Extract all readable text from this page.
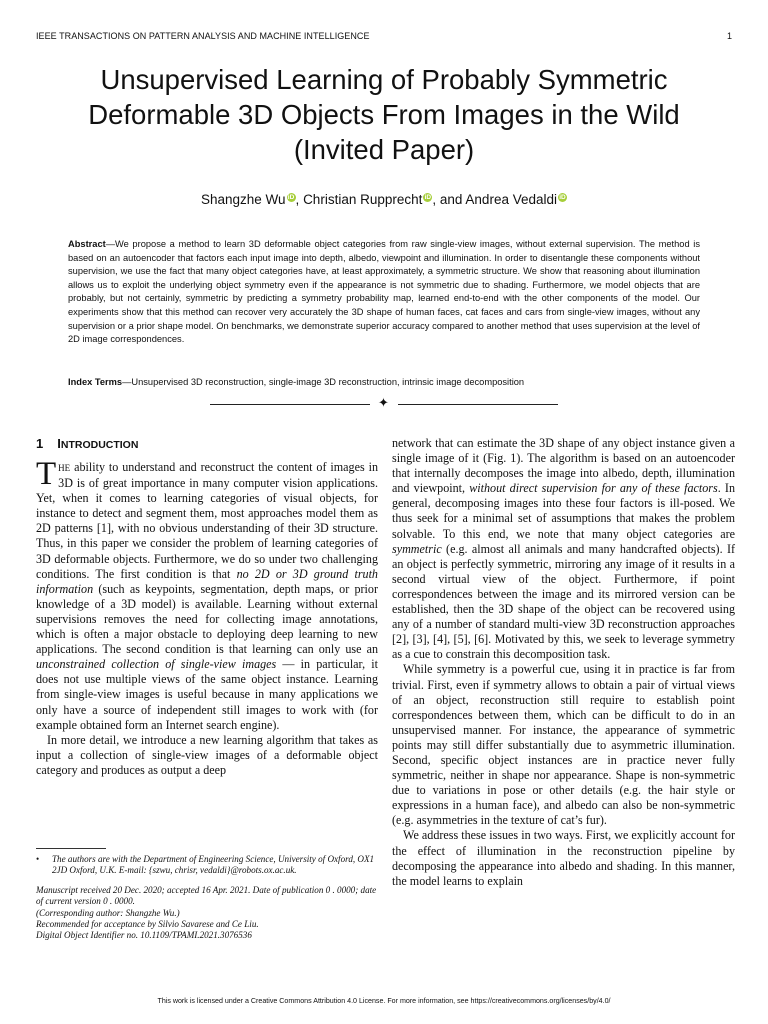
IEEE TRANSACTIONS ON PATTERN ANALYSIS AND MACHINE INTELLIGENCE	1
Unsupervised Learning of Probably Symmetric
Deformable 3D Objects From Images in the Wild
(Invited Paper)
Shangzhe Wu iD, Christian Rupprecht iD, and Andrea Vedaldi iD
Abstract—We propose a method to learn 3D deformable object categories from raw single-view images, without external supervision. The method is based on an autoencoder that factors each input image into depth, albedo, viewpoint and illumination. In order to disentangle these components without supervision, we use the fact that many object categories have, at least approximately, a symmetric structure. We show that reasoning about illumination allows us to exploit the underlying object symmetry even if the appearance is not symmetric due to shading. Furthermore, we model objects that are probably, but not certainly, symmetric by predicting a symmetry probability map, learned end-to-end with the other components of the model. Our experiments show that this method can recover very accurately the 3D shape of human faces, cat faces and cars from single-view images, without any supervision or a prior shape model. On benchmarks, we demonstrate superior accuracy compared to another method that uses supervision at the level of 2D image correspondences.
Index Terms—Unsupervised 3D reconstruction, single-image 3D reconstruction, intrinsic image decomposition
✦
1 INTRODUCTION

THE ability to understand and reconstruct the content of images in 3D is of great importance in many computer vision applications. Yet, when it comes to learning categories of visual objects, for instance to detect and segment them, most approaches model them as 2D patterns [1], with no obvious understanding of their 3D structure. Thus, in this paper we consider the problem of learning categories of 3D deformable objects. Furthermore, we do so under two challenging conditions. The first condition is that no 2D or 3D ground truth information (such as keypoints, segmentation, depth maps, or prior knowledge of a 3D model) is available. Learning without external supervisions removes the need for collecting image annotations, which is often a major obstacle to deploying deep learning to new applications. The second condition is that learning can only use an unconstrained collection of single-view images — in particular, it does not use multiple views of the same object instance. Learning from single-view images is useful because in many applications we only have a source of independent still images to work with (for example obtained form an Internet search engine).

In more detail, we introduce a new learning algorithm that takes as input a collection of single-view images of a deformable object category and produces as output a deep

network that can estimate the 3D shape of any object instance given a single image of it (Fig. 1). The algorithm is based on an autoencoder that internally decomposes the image into albedo, depth, illumination and viewpoint, without direct supervision for any of these factors. In general, decomposing images into these four factors is ill-posed. We thus seek for a minimal set of assumptions that makes the problem solvable. To this end, we note that many object categories are symmetric (e.g. almost all animals and many handcrafted objects). If an object is perfectly symmetric, mirroring any image of it results in a second virtual view of the object. Furthermore, if point correspondences between the image and its mirrored version can be established, then the 3D shape of the object can be recovered using any of a number of standard multi-view 3D reconstruction approaches [2], [3], [4], [5], [6]. Motivated by this, we seek to leverage symmetry as a cue to constrain this decomposition task.

While symmetry is a powerful cue, using it in practice is far from trivial. First, even if symmetry allows to obtain a pair of virtual views of an object, reconstruction still require to establish point correspondences between them, which can be difficult to do in an unsupervised manner. For instance, the appearance of symmetric points may still differ substantially due to asymmetric illumination. Second, specific object instances are in practice never fully symmetric, neither in shape nor appearance. Shape is non-symmetric due to variations in pose or other details (e.g. the hair style or expressions in a human face), and albedo can also be non-symmetric (e.g. asymmetries in the texture of cat’s fur).

We address these issues in two ways. First, we explicitly account for the effect of illumination in the reconstruction pipeline by decomposing the appearance into albedo and shading. In this manner, the model learns to explain

• The authors are with the Department of Engineering Science, University of Oxford, OX1 2JD Oxford, U.K. E-mail: {szwu, chrisr, vedaldi}@robots.ox.ac.uk.

Manuscript received 20 Dec. 2020; accepted 16 Apr. 2021. Date of publication 0 . 0000; date of current version 0 . 0000.

(Corresponding author: Shangzhe Wu.)

Recommended for acceptance by Silvio Savarese and Ce Liu.

Digital Object Identifier no. 10.1109/TPAMI.2021.3076536

This work is licensed under a Creative Commons Attribution 4.0 License. For more information, see https://creativecommons.org/licenses/by/4.0/
